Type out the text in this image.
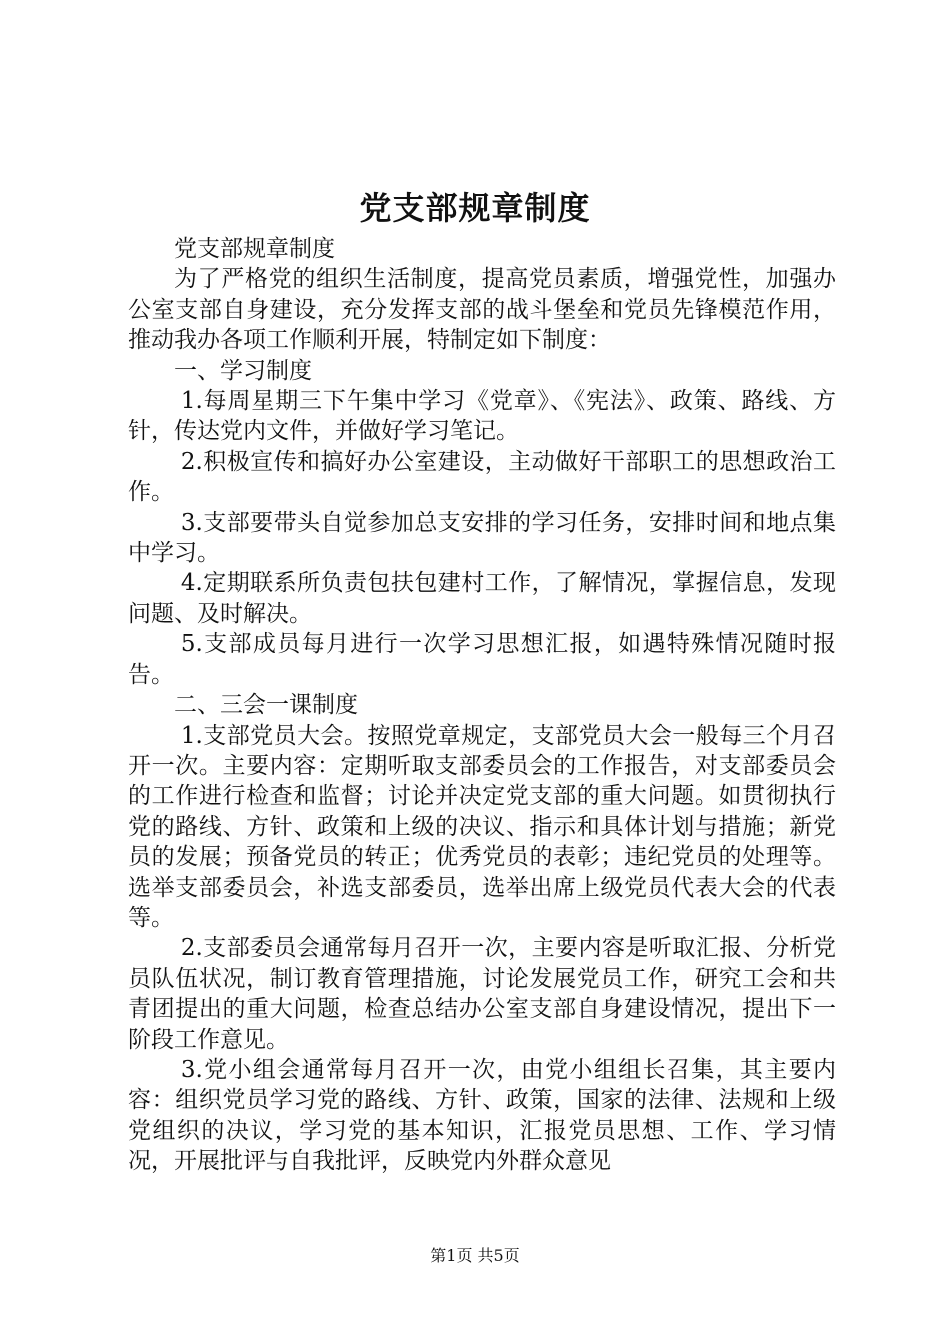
党支部规章制度

党支部规章制度

为了严格党的组织生活制度，提高党员素质，增强党性，加强办公室支部自身建设，充分发挥支部的战斗堡垒和党员先锋模范作用，推动我办各项工作顺利开展，特制定如下制度：

一、学习制度

1.每周星期三下午集中学习《党章》、《宪法》、政策、路线、方针，传达党内文件，并做好学习笔记。

2.积极宣传和搞好办公室建设，主动做好干部职工的思想政治工作。

3.支部要带头自觉参加总支安排的学习任务，安排时间和地点集中学习。

4.定期联系所负责包扶包建村工作，了解情况，掌握信息，发现问题、及时解决。

5.支部成员每月进行一次学习思想汇报，如遇特殊情况随时报告。

二、三会一课制度

1.支部党员大会。按照党章规定，支部党员大会一般每三个月召开一次。主要内容：定期听取支部委员会的工作报告，对支部委员会的工作进行检查和监督；讨论并决定党支部的重大问题。如贯彻执行党的路线、方针、政策和上级的决议、指示和具体计划与措施；新党员的发展；预备党员的转正；优秀党员的表彰；违纪党员的处理等。选举支部委员会，补选支部委员，选举出席上级党员代表大会的代表等。

2.支部委员会通常每月召开一次，主要内容是听取汇报、分析党员队伍状况，制订教育管理措施，讨论发展党员工作，研究工会和共青团提出的重大问题，检查总结办公室支部自身建设情况，提出下一阶段工作意见。

3.党小组会通常每月召开一次，由党小组组长召集，其主要内容：组织党员学习党的路线、方针、政策，国家的法律、法规和上级党组织的决议，学习党的基本知识，汇报党员思想、工作、学习情况，开展批评与自我批评，反映党内外群众意见

第1页 共5页
